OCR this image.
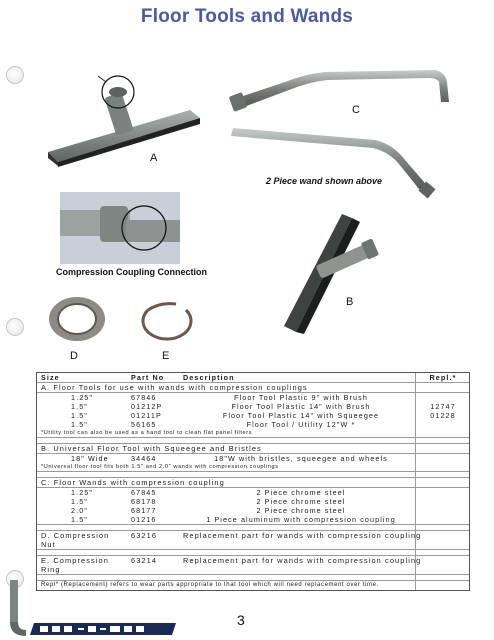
Floor Tools and Wands
A
C
2 Piece wand shown above
Compression Coupling Connection
B
D	E
Size	Part No	Description	Repl.*
A. Floor Tools for use with wands with compression couplings
1.25"	67846	Floor Tool Plastic 9" with Brush
1.5"	01212P	Floor Tool Plastic 14" with Brush	12747
1.5"	01211P	Floor Tool Plastic 14" with Squeegee	01228
1.5"	56165	Floor Tool / Utility 12"W *
*Utility tool can also be used as a hand tool to clean flat panel filters
B. Universal Floor Tool with Squeegee and Bristles
18" Wide	34464	18"W with bristles, squeegee and wheels
*Universal floor tool fits both 1.5" and 2.0" wands with compression couplings
C. Floor Wands with compression coupling
1.25"	67845	2 Piece chrome steel
1.5"	68178	2 Piece chrome steel
2.0"	68177	2 Piece chrome steel
1.5"	01216	1 Piece aluminum with compression coupling
D. Compression	63216	Replacement part for wands with compression coupling
Nut
E. Compression	63214	Replacement part for wands with compression coupling
Ring
Repl* (Replacement) refers to wear parts appropriate to that tool which will need replacement over time.
3
